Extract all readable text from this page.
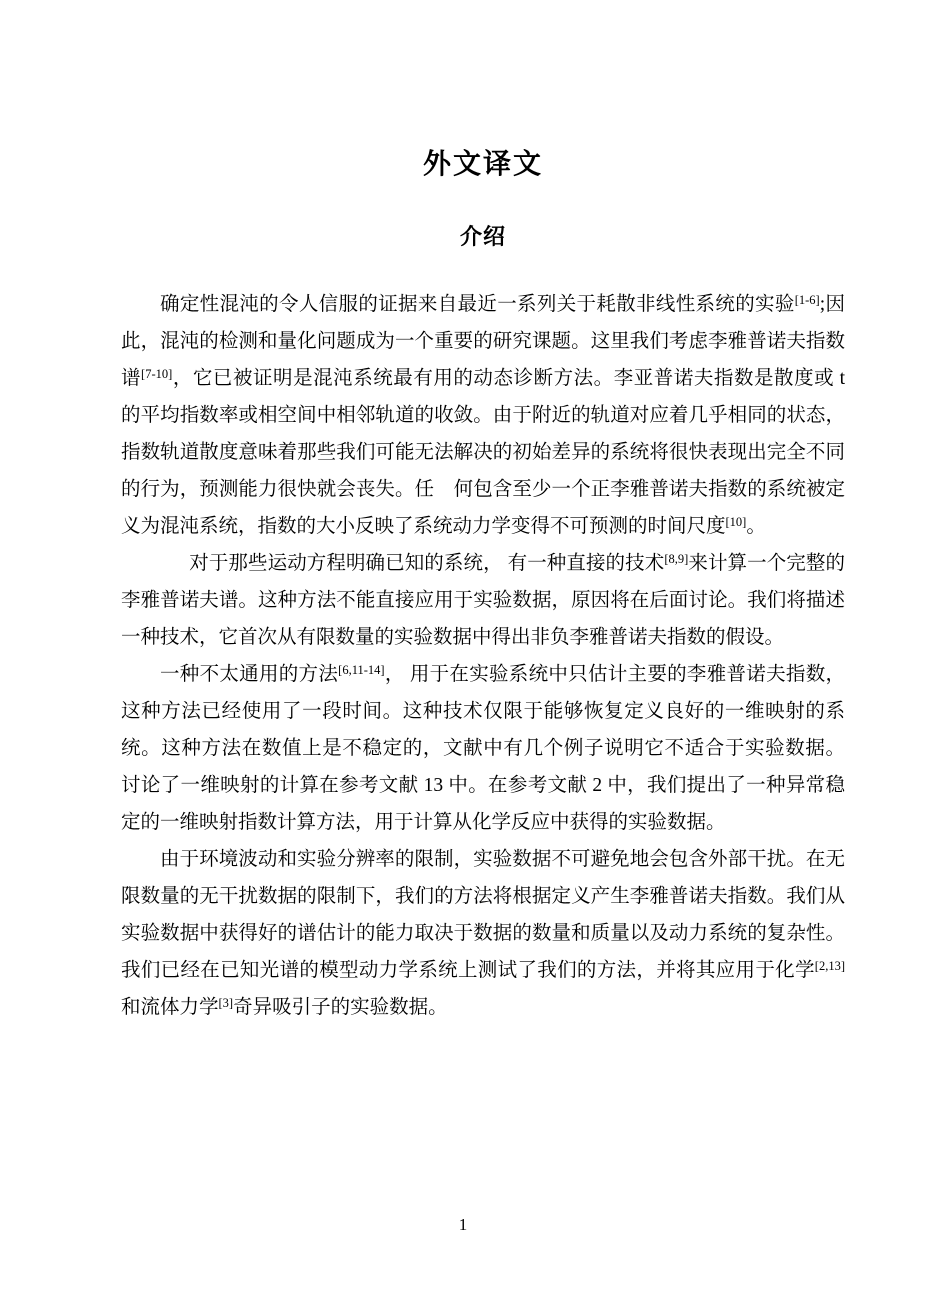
外文译文
介绍

确定性混沌的令人信服的证据来自最近一系列关于耗散非线性系统的实验[1-6];因此，混沌的检测和量化问题成为一个重要的研究课题。这里我们考虑李雅普诺夫指数谱[7-10]，它已被证明是混沌系统最有用的动态诊断方法。李亚普诺夫指数是散度或 t 的平均指数率或相空间中相邻轨道的收敛。由于附近的轨道对应着几乎相同的状态，指数轨道散度意味着那些我们可能无法解决的初始差异的系统将很快表现出完全不同的行为，预测能力很快就会丧失。任　何包含至少一个正李雅普诺夫指数的系统被定义为混沌系统，指数的大小反映了系统动力学变得不可预测的时间尺度[10]。

对于那些运动方程明确已知的系统， 有一种直接的技术[8,9]来计算一个完整的李雅普诺夫谱。这种方法不能直接应用于实验数据，原因将在后面讨论。我们将描述一种技术，它首次从有限数量的实验数据中得出非负李雅普诺夫指数的假设。

一种不太通用的方法[6,11-14]， 用于在实验系统中只估计主要的李雅普诺夫指数，这种方法已经使用了一段时间。这种技术仅限于能够恢复定义良好的一维映射的系统。这种方法在数值上是不稳定的，文献中有几个例子说明它不适合于实验数据。 讨论了一维映射的计算在参考文献 13 中。在参考文献 2 中，我们提出了一种异常稳定的一维映射指数计算方法，用于计算从化学反应中获得的实验数据。

由于环境波动和实验分辨率的限制，实验数据不可避免地会包含外部干扰。在无限数量的无干扰数据的限制下，我们的方法将根据定义产生李雅普诺夫指数。我们从实验数据中获得好的谱估计的能力取决于数据的数量和质量以及动力系统的复杂性。我们已经在已知光谱的模型动力学系统上测试了我们的方法，并将其应用于化学[2,13]和流体力学[3]奇异吸引子的实验数据。

1
